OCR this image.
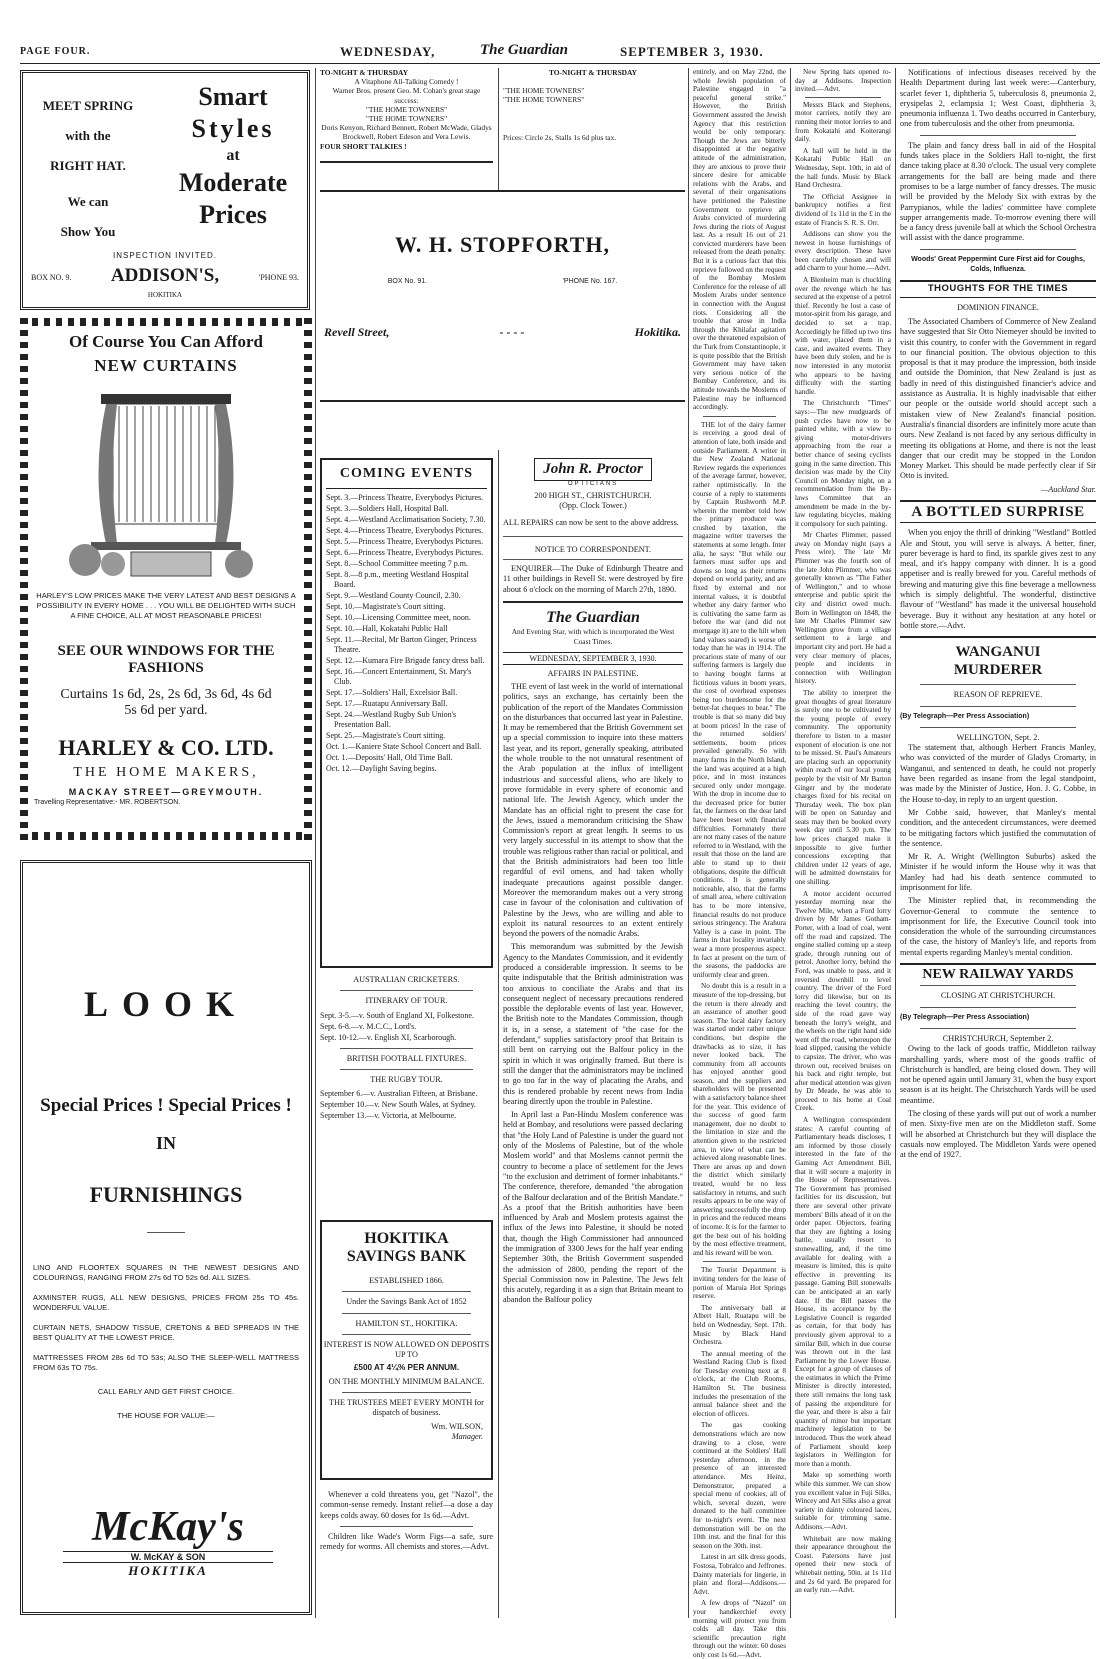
PAGE FOUR.	WEDNESDAY,	The Guardian	SEPTEMBER 3, 1930.
MEET SPRING
with the
RIGHT HAT.
We can
Show You
Smart
Styles
at
Moderate
Prices
INSPECTION INVITED.
BOX NO. 9.	ADDISON'S,	'PHONE 93.
HOKITIKA
Of Course You Can Afford
NEW CURTAINS
HARLEY'S LOW PRICES MAKE THE VERY LATEST AND BEST DESIGNS A POSSIBILITY IN EVERY HOME . . . YOU WILL BE DELIGHTED WITH SUCH A FINE CHOICE, ALL AT MOST REASONABLE PRICES!
SEE OUR WINDOWS FOR THE
FASHIONS
Curtains 1s 6d, 2s, 2s 6d, 3s 6d, 4s 6d
5s 6d per yard.
HARLEY & CO. LTD.
THE HOME MAKERS,
MACKAY STREET—GREYMOUTH.
Travelling Representative:- MR. ROBERTSON.
LOOK
Special Prices ! Special Prices !
IN
FURNISHINGS

LINO AND FLOORTEX SQUARES IN THE NEWEST DESIGNS AND COLOURINGS, RANGING FROM 27s 6d TO 52s 6d. ALL SIZES.

AXMINSTER RUGS, ALL NEW DESIGNS, PRICES FROM 25s TO 45s. WONDERFUL VALUE.

CURTAIN NETS, SHADOW TISSUE, CRETONS & BED SPREADS IN THE BEST QUALITY AT THE LOWEST PRICE.

MATTRESSES FROM 28s 6d TO 53s; ALSO THE SLEEP-WELL MATTRESS FROM 63s TO 75s.

CALL EARLY AND GET FIRST CHOICE.

THE HOUSE FOR VALUE:—

McKay's
W. McKAY & SON
HOKITIKA
TO-NIGHT & THURSDAY
A Vitaphone All-Talking Comedy !
Warner Bros. present Geo. M. Cohan's great stage success:
"THE HOME TOWNERS"
"THE HOME TOWNERS"
Doris Kenyon, Richard Bennett, Robert McWade, Gladys Brockwell, Robert Edeson and Vera Lewis.
FOUR SHORT TALKIES !
TO-NIGHT & THURSDAY
"THE HOME TOWNERS"
"THE HOME TOWNERS"
Prices: Circle 2s, Stalls 1s 6d plus tax.
W. H. STOPFORTH,
BOX No. 91.	'PHONE No. 167.
Revell Street,	- - - -	Hokitika.
COMING EVENTS
Sept. 3.—Princess Theatre, Everybodys Pictures.
Sept. 3.—Soldiers Hall, Hospital Ball.
Sept. 4.—Westland Acclimatisation Society, 7.30.
Sept. 4.—Princess Theatre, Everybodys Pictures.
Sept. 5.—Princess Theatre, Everybodys Pictures.
Sept. 6.—Princess Theatre, Everybodys Pictures.
Sept. 8.—School Committee meeting 7 p.m.
Sept. 8.—8 p.m., meeting Westland Hospital Board.
Sept. 9.—Westland County Council, 2.30.
Sept. 10.—Magistrate's Court sitting.
Sept. 10.—Licensing Committee meet, noon.
Sept. 10.—Hall, Kokatahi Public Hall
Sept. 11.—Recital, Mr Barton Ginger, Princess Theatre.
Sept. 12.—Kumara Fire Brigade fancy dress ball.
Sept. 16.—Concert Entertainment, St. Mary's Club.
Sept. 17.—Soldiers' Hall, Excelsior Ball.
Sept. 17.—Ruatapu Anniversary Ball.
Sept. 24.—Westland Rugby Sub Union's Presentation Ball.
Sept. 25.—Magistrate's Court sitting.
Oct. 1.—Kaniere State School Concert and Ball.
Oct. 1.—Deposits' Hall, Old Time Ball.
Oct. 12.—Daylight Saving begins.
AUSTRALIAN CRICKETERS.
ITINERARY OF TOUR.
Sept. 3-5.—v. South of England XI, Folkestone.
Sept. 6-8.—v. M.C.C., Lord's.
Sept. 10-12.—v. English XI, Scarborough.
BRITISH FOOTBALL FIXTURES.
THE RUGBY TOUR.
September 6.—v. Australian Fifteen, at Brisbane.
September 10.—v. New South Wales, at Sydney.
September 13.—v. Victoria, at Melbourne.
HOKITIKA
SAVINGS BANK
ESTABLISHED 1866.
Under the Savings Bank Act of 1852
HAMILTON ST., HOKITIKA.
INTEREST IS NOW ALLOWED ON DEPOSITS UP TO
£500 AT 4¼% PER ANNUM.
ON THE MONTHLY MINIMUM BALANCE.
THE TRUSTEES MEET EVERY MONTH for dispatch of business.
Wm. WILSON,
Manager.

Whenever a cold threatens you, get "Nazol", the common-sense remedy. Instant relief—a dose a day keeps colds away. 60 doses for 1s 6d.—Advt.

Children like Wade's Worm Figs—a safe, sure remedy for worms. All chemists and stores.—Advt.

John R. Proctor
OPTICIANS
200 HIGH ST., CHRISTCHURCH.
(Opp. Clock Tower.)
ALL REPAIRS can now be sent to the above address.
NOTICE TO CORRESPONDENT.

ENQUIRER—The Duke of Edinburgh Theatre and 11 other buildings in Revell St. were destroyed by fire about 6 o'clock on the morning of March 27th, 1890.

The Guardian
And Evening Star, with which is incorporated the West Coast Times.
WEDNESDAY, SEPTEMBER 3, 1930.
AFFAIRS IN PALESTINE.

THE event of last week in the world of international politics, says an exchange, has certainly been the publication of the report of the Mandates Commission on the disturbances that occurred last year in Palestine. It may be remembered that the British Government set up a special commission to inquire into these matters last year, and its report, generally speaking, attributed the whole trouble to the not unnatural resentment of the Arab population at the influx of intelligent industrious and successful aliens, who are likely to prove formidable in every sphere of economic and national life. The Jewish Agency, which under the Mandate has an official right to present the case for the Jews, issued a memorandum criticising the Shaw Commission's report at great length. It seems to us very largely successful in its attempt to show that the trouble was religious rather than racial or political, and that the British administrators had been too little regardful of evil omens, and had taken wholly inadequate precautions against possible danger. Moreover the memorandum makes out a very strong case in favour of the colonisation and cultivation of Palestine by the Jews, who are willing and able to exploit its natural resources to an extent entirely beyond the powers of the nomadic Arabs.

This memorandum was submitted by the Jewish Agency to the Mandates Commission, and it evidently produced a considerable impression. It seems to be quite indisputable that the British administration was too anxious to conciliate the Arabs and that its consequent neglect of necessary precautions rendered possible the deplorable events of last year. However, the British note to the Mandates Commission, though it is, in a sense, a statement of "the case for the defendant," supplies satisfactory proof that Britain is still bent on carrying out the Balfour policy in the spirit in which it was originally framed. But there is still the danger that the administrators may be inclined to go too far in the way of placating the Arabs, and this is rendered probable by recent news from India bearing directly upon the trouble in Palestine.

In April last a Pan-Hindu Moslem conference was held at Bombay, and resolutions were passed declaring that "the Holy Land of Palestine is under the guard not only of the Moslems of Palestine, but of the whole Moslem world" and that Moslems cannot permit the country to become a place of settlement for the Jews "to the exclusion and detriment of former inhabitants." The conference, therefore, demanded "the abrogation of the Balfour declaration and of the British Mandate." As a proof that the British authorities have been influenced by Arab and Moslem protests against the influx of the Jews into Palestine, it should be noted that, though the High Commissioner had announced the immigration of 3300 Jews for the half year ending September 30th, the British Government suspended the admission of 2800, pending the report of the Special Commission now in Palestine. The Jews felt this acutely, regarding it as a sign that Britain meant to abandon the Balfour policy

entirely, and on May 22nd, the whole Jewish population of Palestine engaged in "a peaceful general strike." However, the British Government assured the Jewish Agency that this restriction would be only temporary. Though the Jews are bitterly disappointed at the negative attitude of the administration, they are anxious to prove their sincere desire for amicable relations with the Arabs, and several of their organisations have petitioned the Palestine Government to reprieve all Arabs convicted of murdering Jews during the riots of August last. As a result 16 out of 21 convicted murderers have been released from the death penalty. But it is a curious fact that this reprieve followed on the request of the Bombay Moslem Conference for the release of all Moslem Arabs under sentence in connection with the August riots. Considering all the trouble that arose in India through the Khilafat agitation over the threatened expulsion of the Turk from Constantinople, it is quite possible that the British Government may have taken very serious notice of the Bombay Conference, and its attitude towards the Moslems of Palestine may be influenced accordingly.

THE lot of the dairy farmer is receiving a good deal of attention of late, both inside and outside Parliament. A writer in the New Zealand National Review regards the experiences of the average farmer, however, rather optimistically. In the course of a reply to statements by Captain Rushworth M.P. wherein the member told how the primary producer was crushed by taxation, the magazine writer traverses the statements at some length. Inter alia, he says: "But while our farmers must suffer ups and downs so long as their returns depend on world parity, and are fixed by external and not internal values, it is doubtful whether any dairy farmer who is cultivating the same farm as before the war (and did not mortgage it) are to the hilt when land values soared) is worse off today than he was in 1914. The precarious state of many of our suffering farmers is largely due to having bought farms at fictitious values in boom years, the cost of overhead expenses being too burdensome for the better-fat cheques to bear." The trouble is that so many did buy at boom prices! In the case of the returned soldiers' settlements, boom prices prevailed generally. So with many farms in the North Island, the land was acquired at a high price, and in most instances secured only under mortgage. With the drop in income due to the decreased price for butter fat, the farmers on the dear land have been beset with financial difficulties. Fortunately there are not many cases of the nature referred to in Westland, with the result that those on the land are able to stand up to their obligations, despite the difficult conditions. It is generally noticeable, also, that the farms of small area, where cultivation has to be more intensive, financial results do not produce serious stringency. The Arahura Valley is a case in point. The farms in that locality invariably wear a more prosperous aspect. In fact at present on the turn of the seasons, the paddocks are uniformly clear and green.

No doubt this is a result in a measure of the top-dressing, but the return is there already and an assurance of another good season. The local dairy factory was started under rather unique conditions, but despite the drawbacks as to size, it has never looked back. The community from all accounts has enjoyed another good season, and the suppliers and shareholders will be presented with a satisfactory balance sheet for the year. This evidence of the success of good farm management, due no doubt to the limitation in size and the attention given to the restricted area, in view of what can be achieved along reasonable lines. There are areas up and down the district which similarly treated, would be no less satisfactory in returns, and such results appears to be one way of answering successfully the drop in prices and the reduced means of income. It is for the farmer to get the best out of his holding by the most effective treatment, and his reward will be won.

The Tourist Department is inviting tenders for the lease of portion of Maruia Hot Springs reserve.

The anniversary ball at Albert Hall, Ruatapu will be held on Wednesday, Sept. 17th. Music by Black Hand Orchestra.

The annual meeting of the Westland Racing Club is fixed for Tuesday evening next at 8 o'clock, at the Club Rooms, Hamilton St. The business includes the presentation of the annual balance sheet and the election of officers.

The gas cooking demonstrations which are now drawing to a close, were continued at the Soldiers' Hall yesterday afternoon, in the presence of an interested attendance. Mrs Heinz, Demonstrator, prepared a special menu of cookies, all of which, several dozen, were donated to the hall committee for to-night's event. The next demonstration will be on the 10th inst. and the final for this season on the 30th. inst.

Latest in art silk dress goods, Fostosa, Tobralco and Jeffrones. Dainty materials for lingerie, in plain and floral—Addisons.—Advt.

A few drops of "Nazol" on your handkerchief every morning will protect you from colds all day. Take this scientific precaution right through out the winter. 60 doses only cost 1s 6d.—Advt.

New Spring hats opened to-day at Addisons. Inspection invited.—Advt.

Messrs Black and Stephens, motor carriers, notify they are running their motor lorries to and from Kokatahi and Koiterangi daily.

A hall will be held in the Kokatahi Public Hall on Wednesday, Sept. 10th, in aid of the hall funds. Music by Black Hand Orchestra.

The Official Assignee in bankruptcy notifies a first dividend of 1s 11d in the £ in the estate of Francis S. R. S. Orr.

Addisons can show you the newest in house furnishings of every description. These have been carefully chosen and will add charm to your home.—Advt.

A Blenheim man is chuckling over the revenge which he has secured at the expense of a petrol thief. Recently he lost a case of motor-spirit from his garage, and decided to set a trap. Accordingly he filled up two tins with water, placed them in a case, and awaited events. They have been duly stolen, and he is now interested in any motorist who appears to be having difficulty with the starting handle.

The Christchurch "Times" says:—The new mudguards of push cycles have now to be painted white, with a view to giving motor-drivers approaching from the rear a better chance of seeing cyclists going in the same direction. This decision was made by the City Council on Monday night, on a recommendation from the By-laws Committee that an amendment be made in the by-law regulating bicycles, making it compulsory for such painting.

Mr Charles Plimmer, passed away on Monday night (says a Press wire). The late Mr Plimmer was the fourth son of the late John Plimmer, who was generally known as "The Father of Wellington," and to whose enterprise and public spirit the city and district owed much. Born in Wellington on 1848, the late Mr Charles Plimmer saw Wellington grow from a village settlement to a large and important city and port. He had a very clear memory of places, people and incidents in connection with Wellington history.

The ability to interpret the great thoughts of great literature is surely one to be cultivated by the young people of every community. The opportunity therefore to listen to a master exponent of elocution is one not to be missed. St. Paul's Amateurs are placing such an opportunity within reach of our local young people by the visit of Mr Barton Ginger and by the moderate charges fixed for his recital on Thursday week. The box plan will be open on Saturday and seats may then be booked every week day until 5.30 p.m. The low prices charged make it impossible to give further concessions excepting that children under 12 years of age, will be admitted downstairs for one shilling.

A motor accident occurred yesterday morning near the Twelve Mile, when a Ford lorry driven by Mr James Gotham-Porter, with a load of coal, went off the road and capsized. The engine stalled coming up a steep grade, through running out of petrol. Another lorry, behind the Ford, was unable to pass, and it reversed downhill to level country. The driver of the Ford lorry did likewise, but on its reaching the level country, the side of the road gave way beneath the lorry's weight, and the wheels on the right hand side went off the road, whereupon the load slipped, causing the vehicle to capsize. The driver, who was thrown out, received bruises on his back and right temple, but after medical attention was given by Dr Meade, he was able to proceed to his home at Coal Creek.

A Wellington correspondent states: A careful counting of Parliamentary heads discloses, I am informed by those closely interested in the fate of the Gaming Act Amendment Bill, that it will secure a majority in the House of Representatives. The Government has promised facilities for its discussion, but there are several other private members' Bills ahead of it on the order paper. Objectors, fearing that they are fighting a losing battle, usually resort to stonewalling, and, if the time available for dealing with a measure is limited, this is quite effective in preventing its passage. Gaming Bill stonewalls can be anticipated at an early date. If the Bill passes the House, its acceptance by the Legislative Council is regarded as certain, for that body has previously given approval to a similar Bill, which in due course was thrown out in the last Parliament by the Lower House. Except for a group of clauses of the estimates in which the Prime Minister is directly interested, there still remains the long task of passing the expenditure for the year, and there is also a fair quantity of minor but important machinery legislation to be introduced. Thus the work ahead of Parliament should keep legislators in Wellington for more than a month.

Make up something worth while this summer. We can show you excellent value in Fuji Silks, Wincey and Art Silks also a great variety in dainty coloured laces, suitable for trimming same. Addisons.—Advt.

Whitebait are now making their appearance throughout the Coast. Patersons have just opened their new stock of whitebait netting, 50in. at 1s 11d and 2s 6d yard. Be prepared for an early run.—Advt.

Notifications of infectious diseases received by the Health Department during last week were:—Canterbury, scarlet fever 1, diphtheria 5, tuberculosis 8, pneumonia 2, erysipelas 2, eclampsia 1; West Coast, diphtheria 3, pneumonia influenza 1. Two deaths occurred in Canterbury, one from tuberculosis and the other from pneumonia.

The plain and fancy dress ball in aid of the Hospital funds takes place in the Soldiers Hall to-night, the first dance taking place at 8.30 o'clock. The usual very complete arrangements for the ball are being made and there promises to be a large number of fancy dresses. The music will be provided by the Melody Six with extras by the Parrypianos, while the ladies' committee have complete supper arrangements made. To-morrow evening there will be a fancy dress juvenile ball at which the School Orchestra will assist with the dance programme.

Woods' Great Peppermint Cure First aid for Coughs, Colds, Influenza.

THOUGHTS FOR THE TIMES
DOMINION FINANCE.

The Associated Chambers of Commerce of New Zealand have suggested that Sir Otto Niemeyer should be invited to visit this country, to confer with the Government in regard to our financial position. The obvious objection to this proposal is that it may produce the impression, both inside and outside the Dominion, that New Zealand is just as badly in need of this distinguished financier's advice and assistance as Australia. It is highly inadvisable that either our people or the outside world should accept such a mistaken view of New Zealand's financial position. Australia's financial disorders are infinitely more acute than ours. New Zealand is not faced by any serious difficulty in meeting its obligations at Home, and there is not the least danger that our credit may be stopped in the London Money Market. This should be made perfectly clear if Sir Otto is invited.

—Auckland Star.
A BOTTLED SURPRISE

When you enjoy the thrill of drinking "Westland" Bottled Ale and Stout, you will serve is always. A better, finer, purer beverage is hard to find, its sparkle gives zest to any meal, and it's happy company with dinner. It is a good appetiser and is really brewed for you. Careful methods of brewing and maturing give this fine beverage a mellowness which is simply delightful. The wonderful, distinctive flavour of "Westland" has made it the universal household beverage. Buy it without any hesitation at any hotel or bottle store.—Advt.

WANGANUI
MURDERER
REASON OF REPRIEVE.
(By Telegraph—Per Press Association)
WELLINGTON, Sept. 2.

The statement that, although Herbert Francis Manley, who was convicted of the murder of Gladys Cromarty, in Wanganui, and sentenced to death, he could not properly have been regarded as insane from the legal standpoint, was made by the Minister of Justice, Hon. J. G. Cobbe, in the House to-day, in reply to an urgent question.

Mr Cobbe said, however, that Manley's mental condition, and the antecedent circumstances, were deemed to be mitigating factors which justified the commutation of the sentence.

Mr R. A. Wright (Wellington Suburbs) asked the Minister if he would inform the House why it was that Manley had had his death sentence commuted to imprisonment for life.

The Minister replied that, in recommending the Governor-General to commute the sentence to imprisonment for life, the Executive Council took into consideration the whole of the surrounding circumstances of the case, the history of Manley's life, and reports from mental experts regarding Manley's mental condition.

NEW RAILWAY YARDS
CLOSING AT CHRISTCHURCH.
(By Telegraph—Per Press Association)
CHRISTCHURCH, September 2.

Owing to the lack of goods traffic, Middleton railway marshalling yards, where most of the goods traffic of Christchurch is handled, are being closed down. They will not be opened again until January 31, when the busy export season is at its height. The Christchurch Yards will be used meantime.

The closing of these yards will put out of work a number of men. Sixty-five men are on the Middleton staff. Some will be absorbed at Christchurch but they will displace the casuals now employed. The Middleton Yards were opened at the end of 1927.
